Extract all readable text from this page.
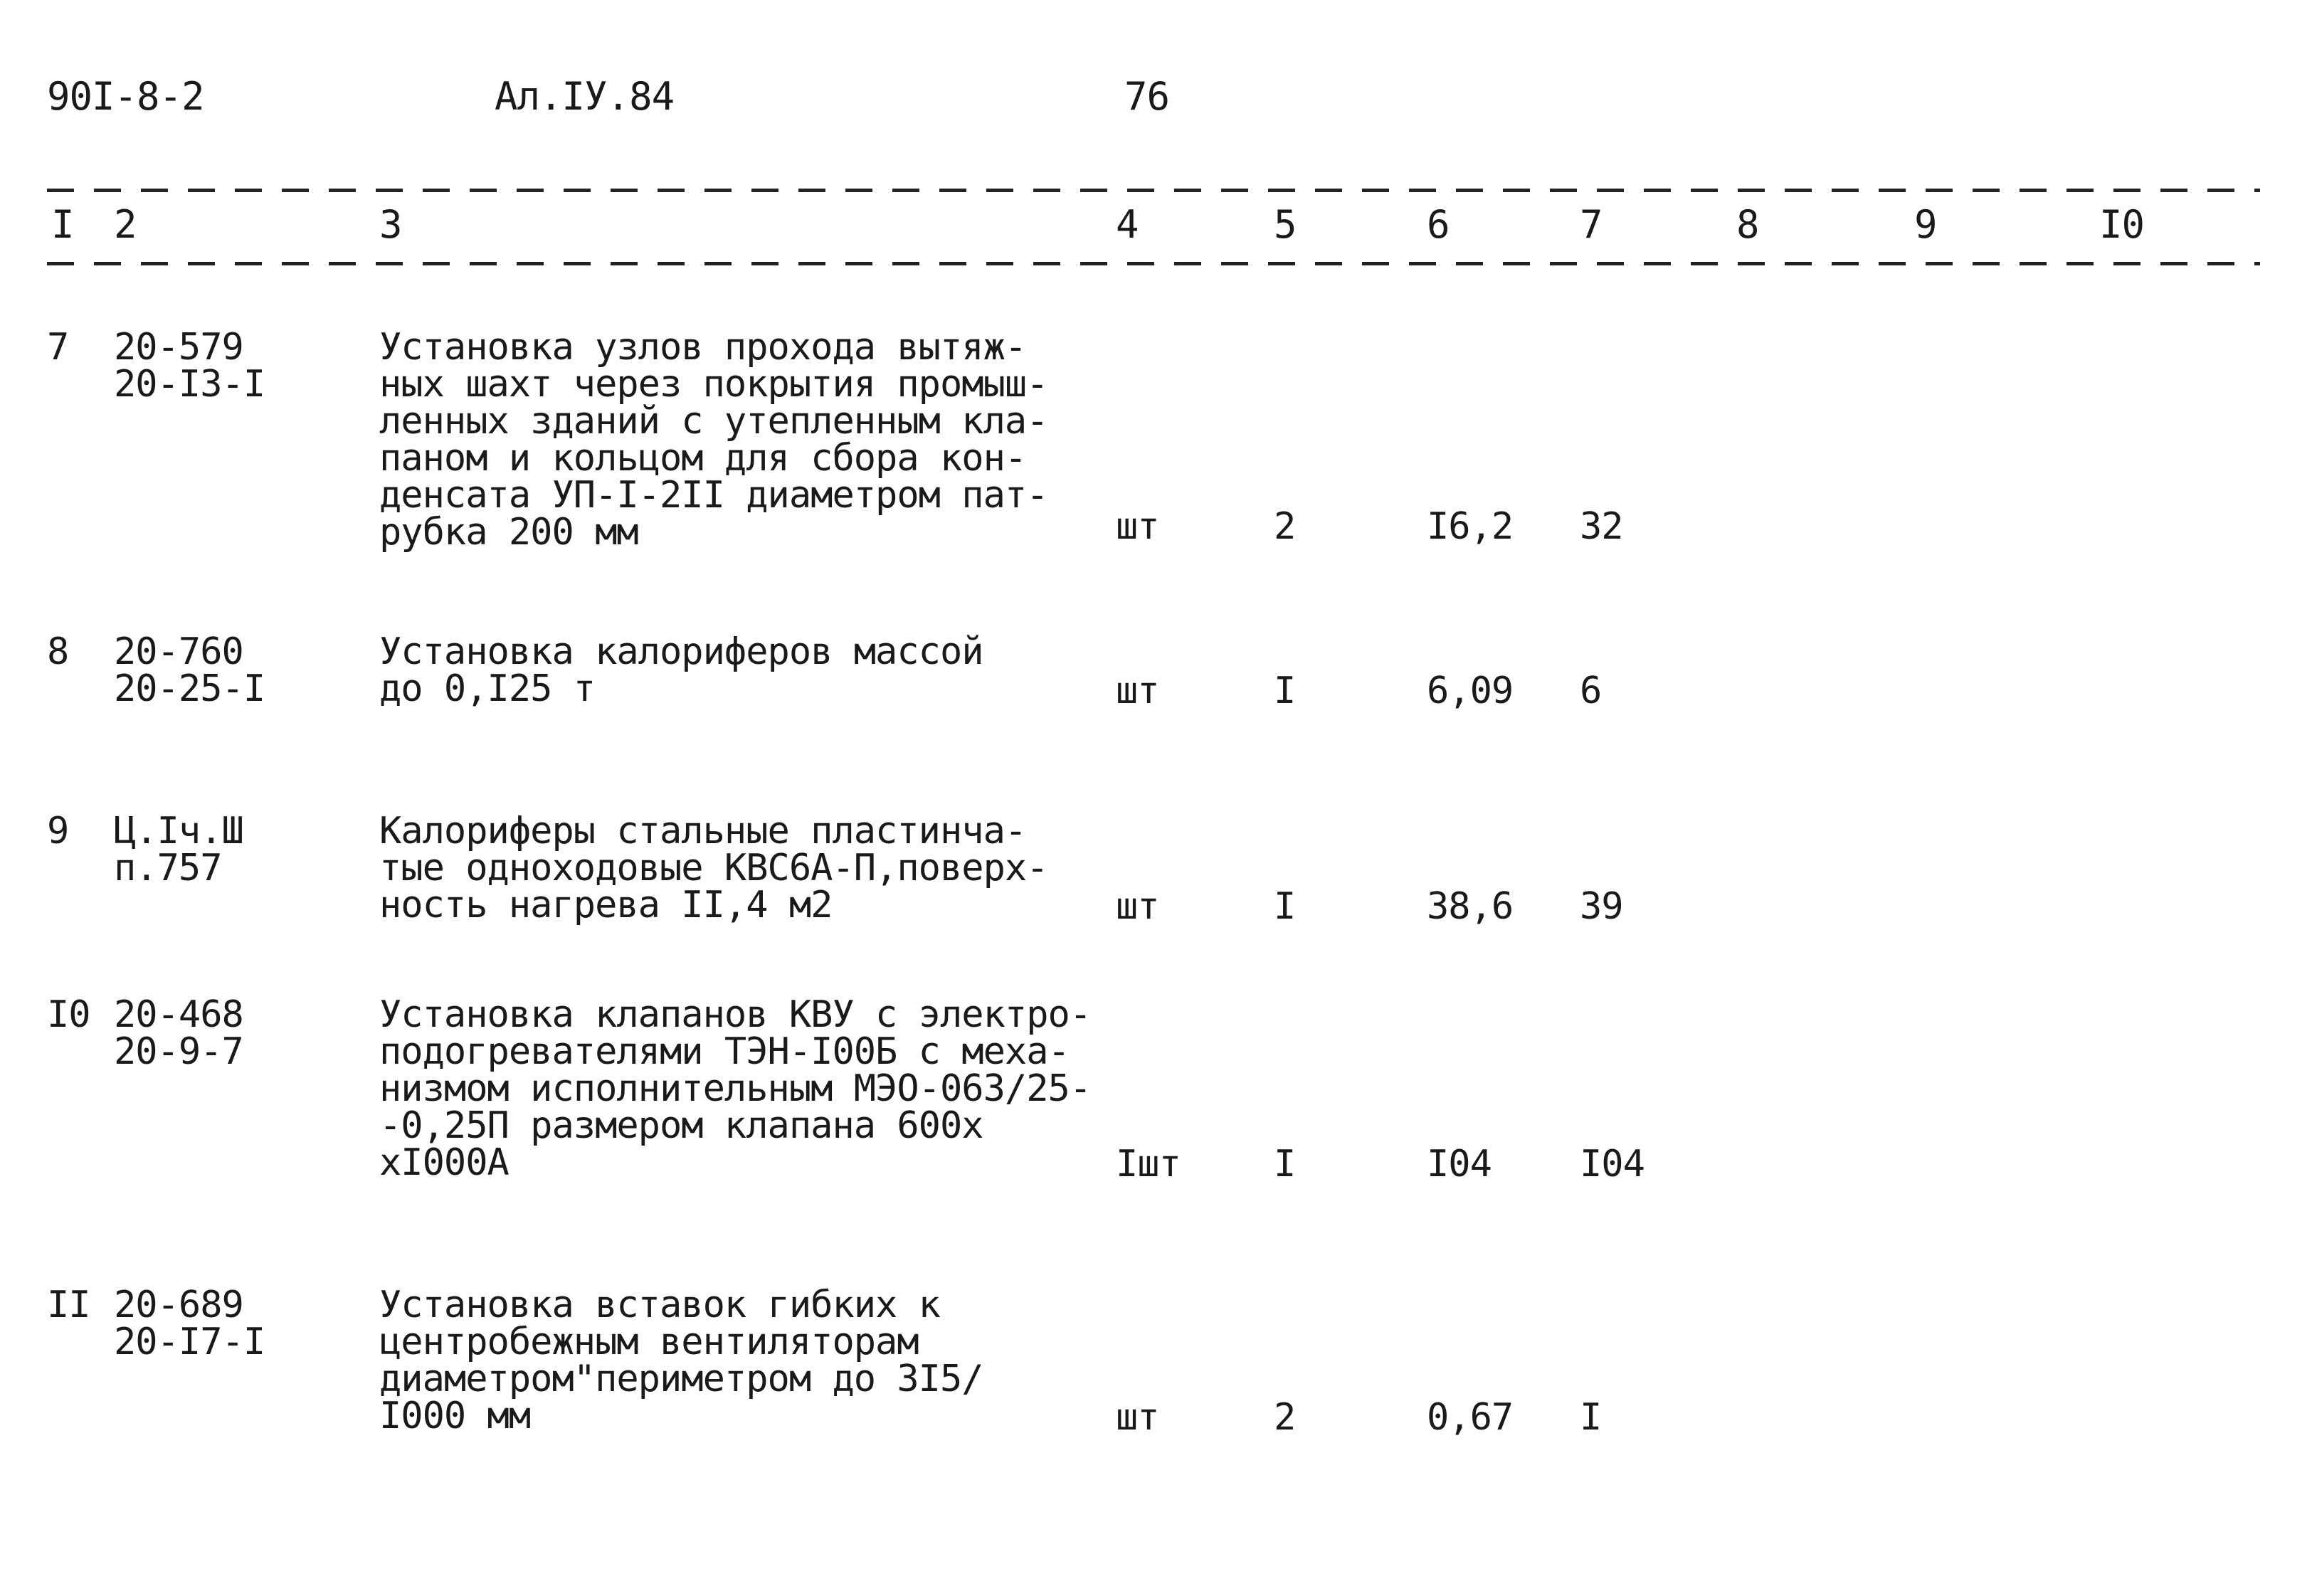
90I-8-2	Ал.IУ.84	76
I 2	3	4	5	6	7	8	9	I0
7 20-579
20-I3-I
Установка узлов прохода вытяж-
ных шахт через покрытия промыш-
ленных зданий с утепленным кла-
паном и кольцом для сбора кон-
денсата УП-I-2II диаметром пат-
рубка 200 мм	шт	2	I6,2 32
8 20-760
20-25-I
Установка калориферов массой
до 0,I25 т	шт	I	6,09 6
9 Ц.Iч.Ш
п.757
Калориферы стальные пластинча-
тые одноходовые КВС6А-П,поверх-
ность нагрева II,4 м2	шт	I	38,6 39
I0 20-468
20-9-7
Установка клапанов КВУ с электро-
подогревателями ТЭН-I00Б с меха-
низмом исполнительным МЭО-063/25-
-0,25П размером клапана 600х
хI000А	Iшт	I	I04 I04
II 20-689
20-I7-I
Установка вставок гибких к
центробежным вентиляторам
диаметром"периметром до 3I5/
I000 мм	шт	2	0,67 I
